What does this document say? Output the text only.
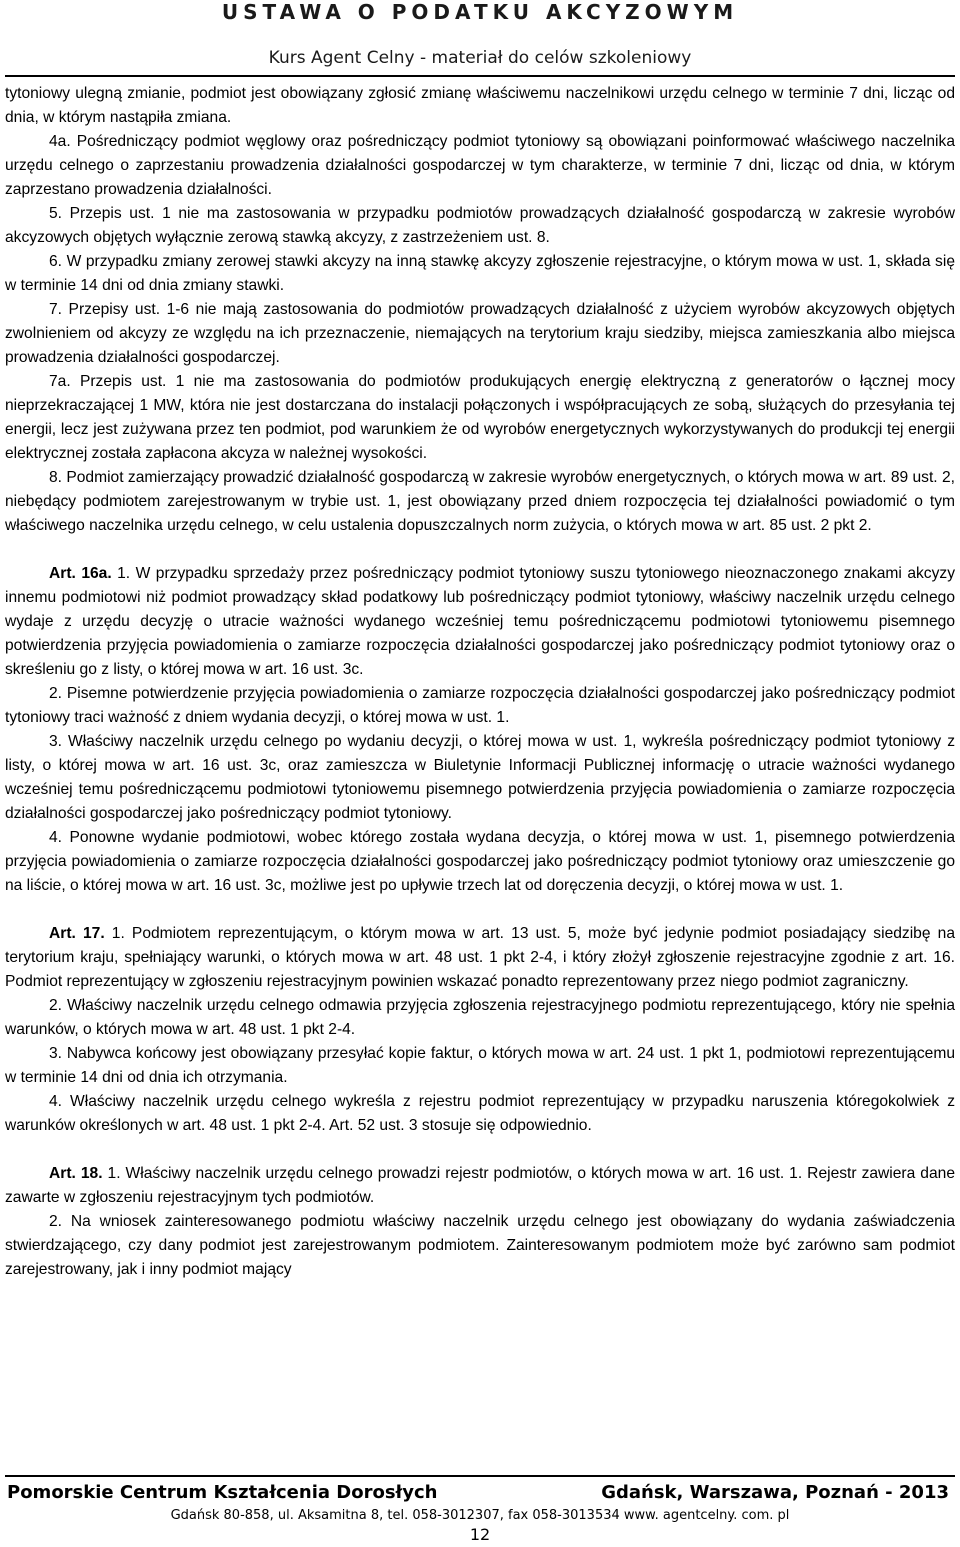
USTAWA O PODATKU AKCYZOWYM
Kurs Agent Celny - materiał do celów szkoleniowy

tytoniowy ulegną zmianie, podmiot jest obowiązany zgłosić zmianę właściwemu naczelnikowi urzędu celnego w terminie 7 dni, licząc od dnia, w którym nastąpiła zmiana.

4a. Pośredniczący podmiot węglowy oraz pośredniczący podmiot tytoniowy są obowiązani poinformować właściwego naczelnika urzędu celnego o zaprzestaniu prowadzenia działalności gospodarczej w tym charakterze, w terminie 7 dni, licząc od dnia, w którym zaprzestano prowadzenia działalności.

5. Przepis ust. 1 nie ma zastosowania w przypadku podmiotów prowadzących działalność gospodarczą w zakresie wyrobów akcyzowych objętych wyłącznie zerową stawką akcyzy, z zastrzeżeniem ust. 8.

6. W przypadku zmiany zerowej stawki akcyzy na inną stawkę akcyzy zgłoszenie rejestracyjne, o którym mowa w ust. 1, składa się w terminie 14 dni od dnia zmiany stawki.

7. Przepisy ust. 1-6 nie mają zastosowania do podmiotów prowadzących działalność z użyciem wyrobów akcyzowych objętych zwolnieniem od akcyzy ze względu na ich przeznaczenie, niemających na terytorium kraju siedziby, miejsca zamieszkania albo miejsca prowadzenia działalności gospodarczej.

7a. Przepis ust. 1 nie ma zastosowania do podmiotów produkujących energię elektryczną z generatorów o łącznej mocy nieprzekraczającej 1 MW, która nie jest dostarczana do instalacji połączonych i współpracujących ze sobą, służących do przesyłania tej energii, lecz jest zużywana przez ten podmiot, pod warunkiem że od wyrobów energetycznych wykorzystywanych do produkcji tej energii elektrycznej została zapłacona akcyza w należnej wysokości.

8. Podmiot zamierzający prowadzić działalność gospodarczą w zakresie wyrobów energetycznych, o których mowa w art. 89 ust. 2, niebędący podmiotem zarejestrowanym w trybie ust. 1, jest obowiązany przed dniem rozpoczęcia tej działalności powiadomić o tym właściwego naczelnika urzędu celnego, w celu ustalenia dopuszczalnych norm zużycia, o których mowa w art. 85 ust. 2 pkt 2.

Art. 16a. 1. W przypadku sprzedaży przez pośredniczący podmiot tytoniowy suszu tytoniowego nieoznaczonego znakami akcyzy innemu podmiotowi niż podmiot prowadzący skład podatkowy lub pośredniczący podmiot tytoniowy, właściwy naczelnik urzędu celnego wydaje z urzędu decyzję o utracie ważności wydanego wcześniej temu pośredniczącemu podmiotowi tytoniowemu pisemnego potwierdzenia przyjęcia powiadomienia o zamiarze rozpoczęcia działalności gospodarczej jako pośredniczący podmiot tytoniowy oraz o skreśleniu go z listy, o której mowa w art. 16 ust. 3c.

2. Pisemne potwierdzenie przyjęcia powiadomienia o zamiarze rozpoczęcia działalności gospodarczej jako pośredniczący podmiot tytoniowy traci ważność z dniem wydania decyzji, o której mowa w ust. 1.

3. Właściwy naczelnik urzędu celnego po wydaniu decyzji, o której mowa w ust. 1, wykreśla pośredniczący podmiot tytoniowy z listy, o której mowa w art. 16 ust. 3c, oraz zamieszcza w Biuletynie Informacji Publicznej informację o utracie ważności wydanego wcześniej temu pośredniczącemu podmiotowi tytoniowemu pisemnego potwierdzenia przyjęcia powiadomienia o zamiarze rozpoczęcia działalności gospodarczej jako pośredniczący podmiot tytoniowy.

4. Ponowne wydanie podmiotowi, wobec którego została wydana decyzja, o której mowa w ust. 1, pisemnego potwierdzenia przyjęcia powiadomienia o zamiarze rozpoczęcia działalności gospodarczej jako pośredniczący podmiot tytoniowy oraz umieszczenie go na liście, o której mowa w art. 16 ust. 3c, możliwe jest po upływie trzech lat od doręczenia decyzji, o której mowa w ust. 1.

Art. 17. 1. Podmiotem reprezentującym, o którym mowa w art. 13 ust. 5, może być jedynie podmiot posiadający siedzibę na terytorium kraju, spełniający warunki, o których mowa w art. 48 ust. 1 pkt 2-4, i który złożył zgłoszenie rejestracyjne zgodnie z art. 16. Podmiot reprezentujący w zgłoszeniu rejestracyjnym powinien wskazać ponadto reprezentowany przez niego podmiot zagraniczny.

2. Właściwy naczelnik urzędu celnego odmawia przyjęcia zgłoszenia rejestracyjnego podmiotu reprezentującego, który nie spełnia warunków, o których mowa w art. 48 ust. 1 pkt 2-4.

3. Nabywca końcowy jest obowiązany przesyłać kopie faktur, o których mowa w art. 24 ust. 1 pkt 1, podmiotowi reprezentującemu w terminie 14 dni od dnia ich otrzymania.

4. Właściwy naczelnik urzędu celnego wykreśla z rejestru podmiot reprezentujący w przypadku naruszenia któregokolwiek z warunków określonych w art. 48 ust. 1 pkt 2-4. Art. 52 ust. 3 stosuje się odpowiednio.

Art. 18. 1. Właściwy naczelnik urzędu celnego prowadzi rejestr podmiotów, o których mowa w art. 16 ust. 1. Rejestr zawiera dane zawarte w zgłoszeniu rejestracyjnym tych podmiotów.

2. Na wniosek zainteresowanego podmiotu właściwy naczelnik urzędu celnego jest obowiązany do wydania zaświadczenia stwierdzającego, czy dany podmiot jest zarejestrowanym podmiotem. Zainteresowanym podmiotem może być zarówno sam podmiot zarejestrowany, jak i inny podmiot mający

Pomorskie Centrum Kształcenia Dorosłych	Gdańsk, Warszawa, Poznań - 2013
Gdańsk 80-858, ul. Aksamitna 8, tel. 058-3012307, fax 058-3013534 www. agentcelny. com. pl
12
